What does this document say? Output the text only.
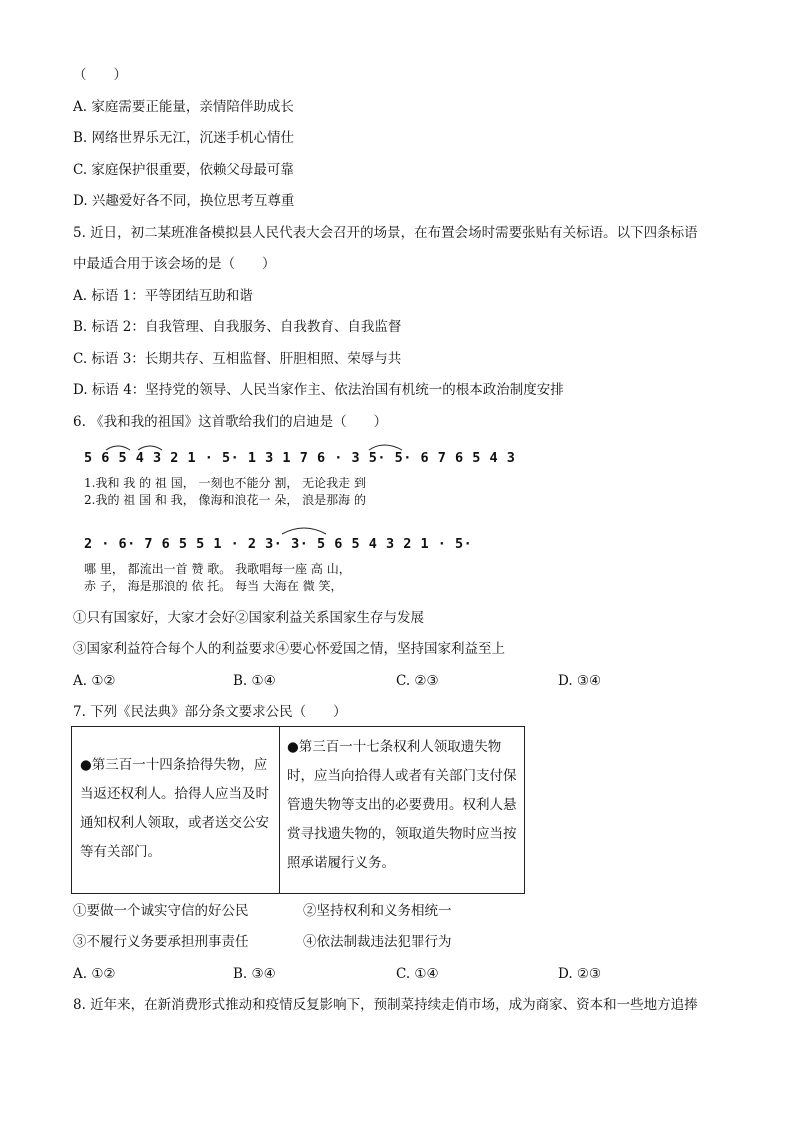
（　　）
A. 家庭需要正能量，亲情陪伴助成长
B. 网络世界乐无江，沉迷手机心情仕
C. 家庭保护很重要，依赖父母最可靠
D. 兴趣爱好各不同，换位思考互尊重
5. 近日，初二某班准备模拟县人民代表大会召开的场景，在布置会场时需要张贴有关标语。以下四条标语
中最适合用于该会场的是（　　）
A. 标语 1：平等团结互助和谐
B. 标语 2：自我管理、自我服务、自我教育、自我监督
C. 标语 3：长期共存、互相监督、肝胆相照、荣辱与共
D. 标语 4：坚持党的领导、人民当家作主、依法治国有机统一的根本政治制度安排
6. 《我和我的祖国》这首歌给我们的启迪是（　　）
5 6 5 4 3 2 1 · 5· 1 3 1 7 6 · 3 5· 5· 6 7 6 5 4 3
1.我和 我 的 祖 国， 一刻也不能分 割， 无论我走 到
2.我的 祖 国 和 我， 像海和浪花一 朵， 浪是那海 的
2 · 6· 7 6 5 5 1 · 2 3· 3· 5 6 5 4 3 2 1 · 5·
哪 里， 都流出一首 赞 歌。 我歌唱每一座 高 山，
赤 子， 海是那浪的 依 托。 每当 大海在 微 笑，
①只有国家好，大家才会好②国家利益关系国家生存与发展
③国家利益符合每个人的利益要求④要心怀爱国之情，坚持国家利益至上
A. ①②	B. ①④	C. ②③	D. ③④
7. 下列《民法典》部分条文要求公民（　　）
●第三百一十四条拾得失物，应当返还权利人。拾得人应当及时通知权利人领取，或者送交公安等有关部门。
●第三百一十七条权利人领取遗失物时，应当向拾得人或者有关部门支付保管遗失物等支出的必要费用。权利人悬赏寻找遗失物的，领取道失物时应当按照承诺履行义务。
①要做一个诚实守信的好公民	②坚持权利和义务相统一
③不履行义务要承担刑事责任	④依法制裁违法犯罪行为
A. ①②	B. ③④	C. ①④	D. ②③
8. 近年来，在新消费形式推动和疫情反复影响下，预制菜持续走俏市场，成为商家、资本和一些地方追捧
